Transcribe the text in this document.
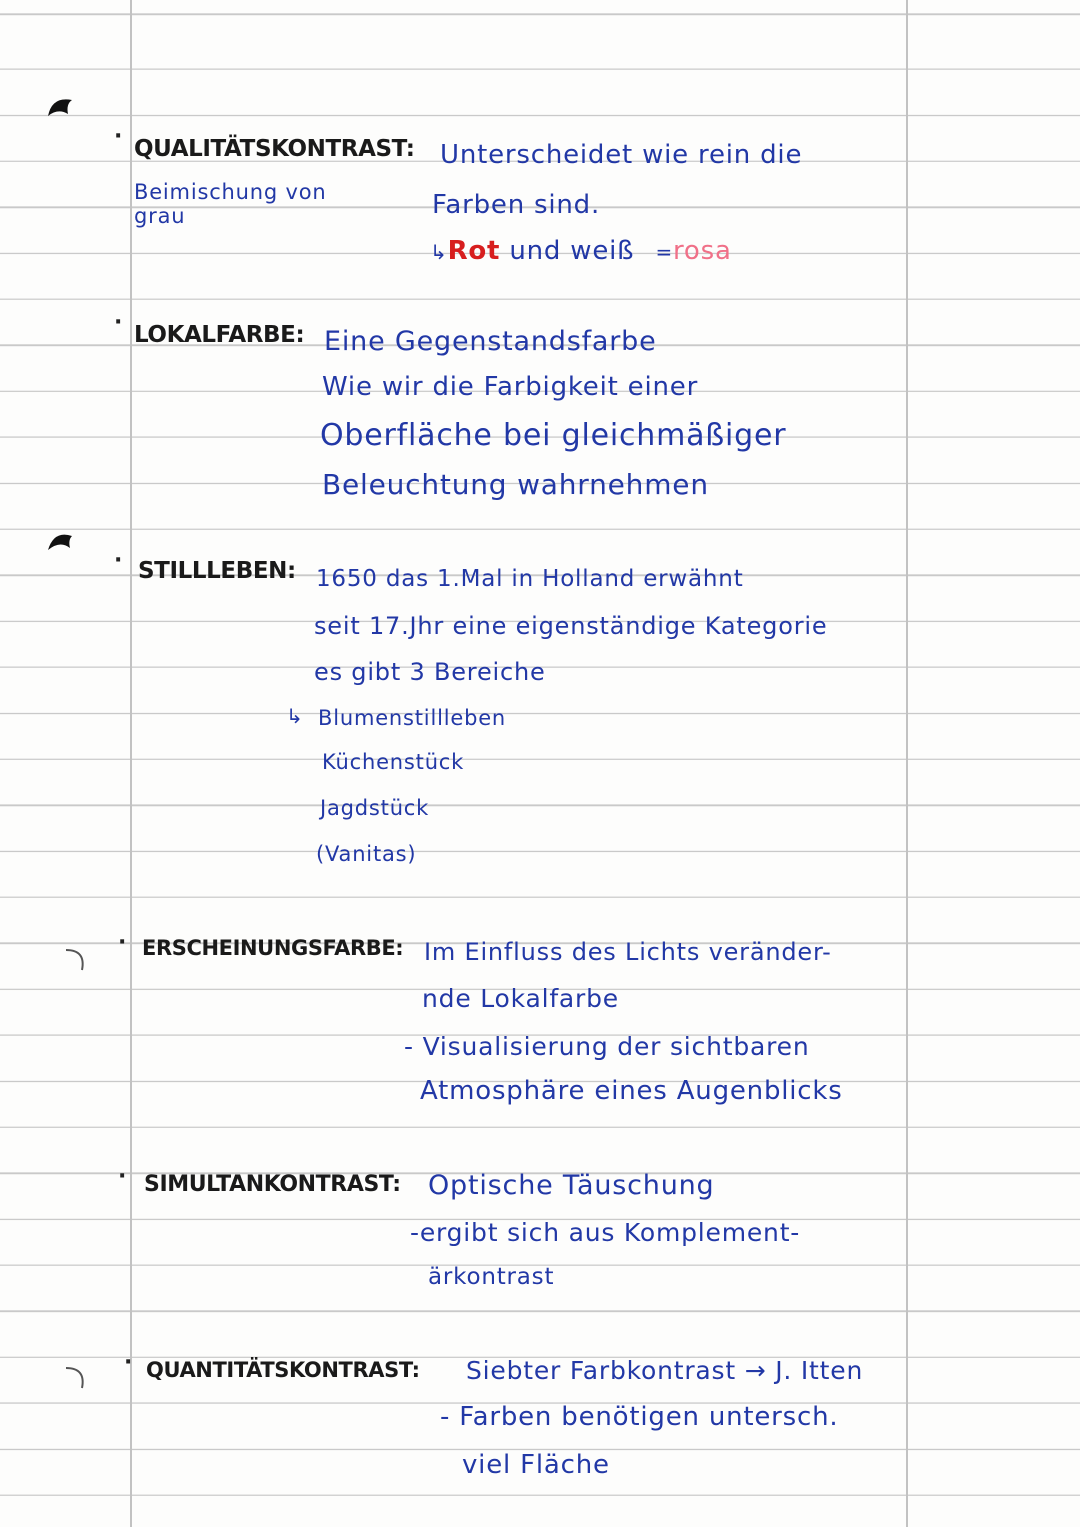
· QUALITÄTSKONTRAST: Unterscheidet wie rein die
Beimischung von
grau	Farben sind.
↳Rot und weiß =rosa
· LOKALFARBE: Eine Gegenstandsfarbe
Wie wir die Farbigkeit einer
Oberfläche bei gleichmäßiger
Beleuchtung wahrnehmen
· STILLLEBEN: 1650 das 1.Mal in Holland erwähnt
seit 17.Jhr eine eigenständige Kategorie
es gibt 3 Bereiche
↳ Blumenstillleben
Küchenstück
Jagdstück
(Vanitas)
· ERSCHEINUNGSFARBE: Im Einfluss des Lichts veränder-
nde Lokalfarbe
- Visualisierung der sichtbaren
Atmosphäre eines Augenblicks
· SIMULTANKONTRAST: Optische Täuschung
-ergibt sich aus Komplement-
ärkontrast
· QUANTITÄTSKONTRAST: Siebter Farbkontrast → J. Itten
- Farben benötigen untersch.
viel Fläche
